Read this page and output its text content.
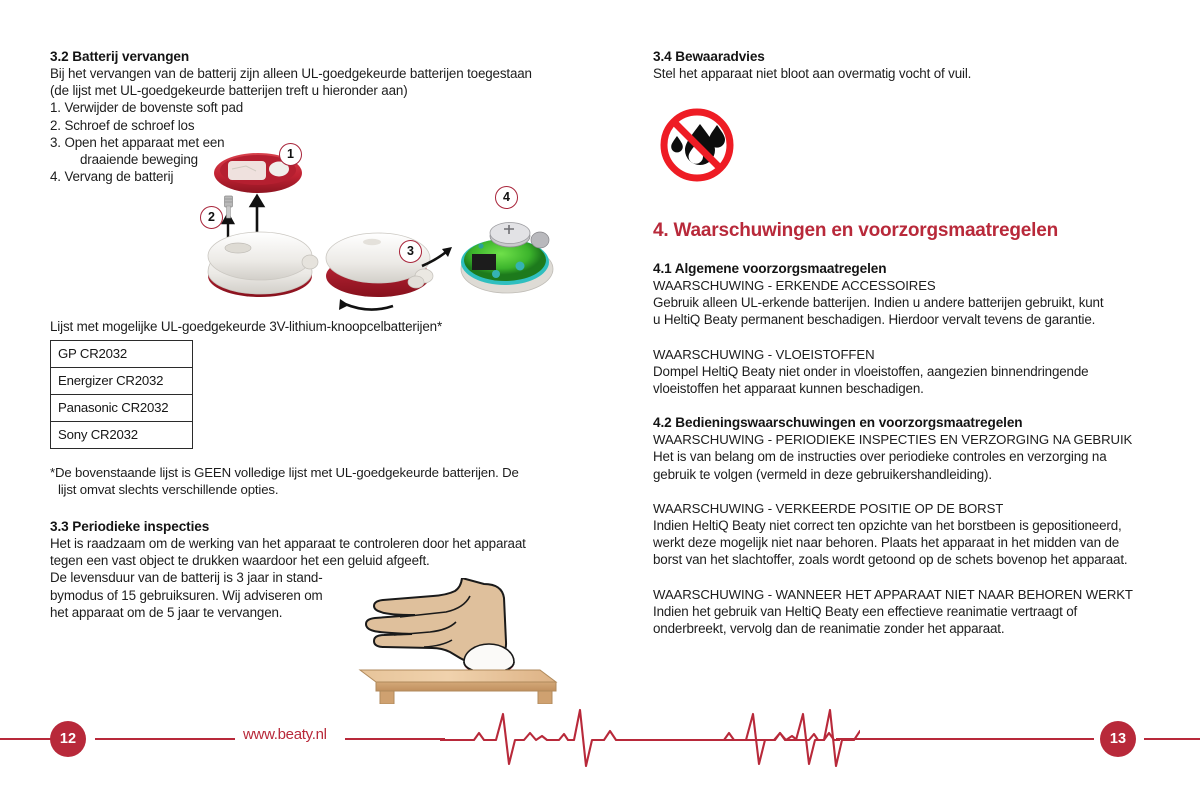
3.2 Batterij vervangen

Bij het vervangen van de batterij zijn alleen UL-goedgekeurde batterijen toegestaan

(de lijst met UL-goedgekeurde batterijen treft u hieronder aan)

1. Verwijder de bovenste soft pad
2. Schroef de schroef los
3. Open het apparaat met een
draaiende beweging
4. Vervang de batterij
1
2
3
4

Lijst met mogelijke UL-goedgekeurde 3V-lithium-knoopcelbatterijen*

GP CR2032
Energizer CR2032
Panasonic CR2032
Sony CR2032
*De bovenstaande lijst is GEEN volledige lijst met UL-goedgekeurde batterijen. De
lijst omvat slechts verschillende opties.
3.3 Periodieke inspecties

Het is raadzaam om de werking van het apparaat te controleren door het apparaat

tegen een vast object te drukken waardoor het een geluid afgeeft.

De levensduur van de batterij is 3 jaar in stand-

bymodus of 15 gebruiksuren. Wij adviseren om

het apparaat om de 5 jaar te vervangen.

3.4 Bewaaradvies

Stel het apparaat niet bloot aan overmatig vocht of vuil.

4. Waarschuwingen en voorzorgsmaatregelen
4.1 Algemene voorzorgsmaatregelen

WAARSCHUWING - ERKENDE ACCESSOIRES

Gebruik alleen UL-erkende batterijen. Indien u andere batterijen gebruikt, kunt

u HeltiQ Beaty permanent beschadigen. Hierdoor vervalt tevens de garantie.

WAARSCHUWING - VLOEISTOFFEN

Dompel HeltiQ Beaty niet onder in vloeistoffen, aangezien binnendringende

vloeistoffen het apparaat kunnen beschadigen.

4.2 Bedieningswaarschuwingen en voorzorgsmaatregelen

WAARSCHUWING - PERIODIEKE INSPECTIES EN VERZORGING NA GEBRUIK

Het is van belang om de instructies over periodieke controles en verzorging na

gebruik te volgen (vermeld in deze gebruikershandleiding).

WAARSCHUWING - VERKEERDE POSITIE OP DE BORST

Indien HeltiQ Beaty niet correct ten opzichte van het borstbeen is gepositioneerd,

werkt deze mogelijk niet naar behoren. Plaats het apparaat in het midden van de

borst van het slachtoffer, zoals wordt getoond op de schets bovenop het apparaat.

WAARSCHUWING - WANNEER HET APPARAAT NIET NAAR BEHOREN WERKT

Indien het gebruik van HeltiQ Beaty een effectieve reanimatie vertraagt of

onderbreekt, vervolg dan de reanimatie zonder het apparaat.

12	13
www.beaty.nl
